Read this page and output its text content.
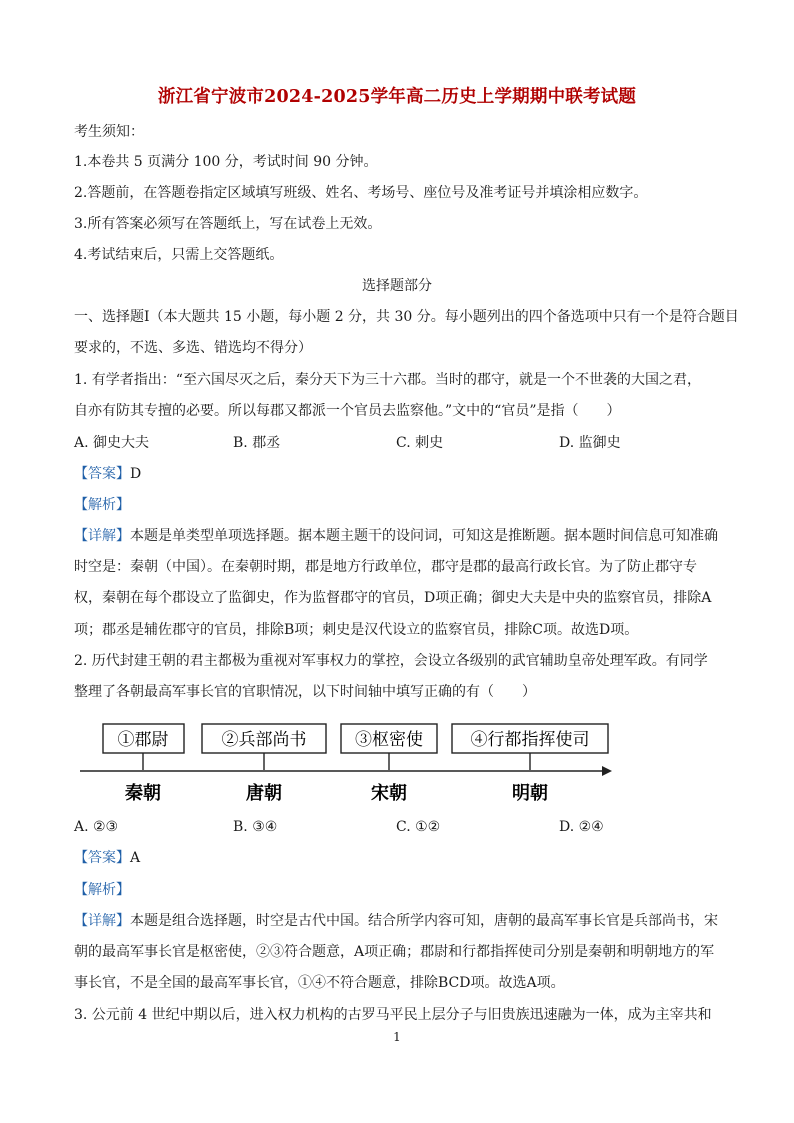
浙江省宁波市2024-2025学年高二历史上学期期中联考试题
考生须知：
1.本卷共 5 页满分 100 分，考试时间 90 分钟。
2.答题前，在答题卷指定区域填写班级、姓名、考场号、座位号及准考证号并填涂相应数字。
3.所有答案必须写在答题纸上，写在试卷上无效。
4.考试结束后，只需上交答题纸。
选择题部分
一、选择题Ⅰ（本大题共 15 小题，每小题 2 分，共 30 分。每小题列出的四个备选项中只有一个是符合题目
要求的，不选、多选、错选均不得分）
1. 有学者指出：“至六国尽灭之后，秦分天下为三十六郡。当时的郡守，就是一个不世袭的大国之君，
自亦有防其专擅的必要。所以每郡又都派一个官员去监察他。”文中的“官员”是指（　　）
A. 御史大夫	B. 郡丞	C. 刺史	D. 监御史
【答案】D
【解析】
【详解】本题是单类型单项选择题。据本题主题干的设问词，可知这是推断题。据本题时间信息可知准确
时空是：秦朝（中国）。在秦朝时期，郡是地方行政单位，郡守是郡的最高行政长官。为了防止郡守专
权，秦朝在每个郡设立了监御史，作为监督郡守的官员，D项正确；御史大夫是中央的监察官员，排除A
项；郡丞是辅佐郡守的官员，排除B项；刺史是汉代设立的监察官员，排除C项。故选D项。
2. 历代封建王朝的君主都极为重视对军事权力的掌控，会设立各级别的武官辅助皇帝处理军政。有同学
整理了各朝最高军事长官的官职情况，以下时间轴中填写正确的有（　　）
①郡尉	②兵部尚书	③枢密使	④行都指挥使司
秦朝	唐朝	宋朝	明朝
A. ②③	B. ③④	C. ①②	D. ②④
【答案】A
【解析】
【详解】本题是组合选择题，时空是古代中国。结合所学内容可知，唐朝的最高军事长官是兵部尚书，宋
朝的最高军事长官是枢密使，②③符合题意，A项正确；郡尉和行都指挥使司分别是秦朝和明朝地方的军
事长官，不是全国的最高军事长官，①④不符合题意，排除BCD项。故选A项。
3. 公元前 4 世纪中期以后，进入权力机构的古罗马平民上层分子与旧贵族迅速融为一体，成为主宰共和
1
